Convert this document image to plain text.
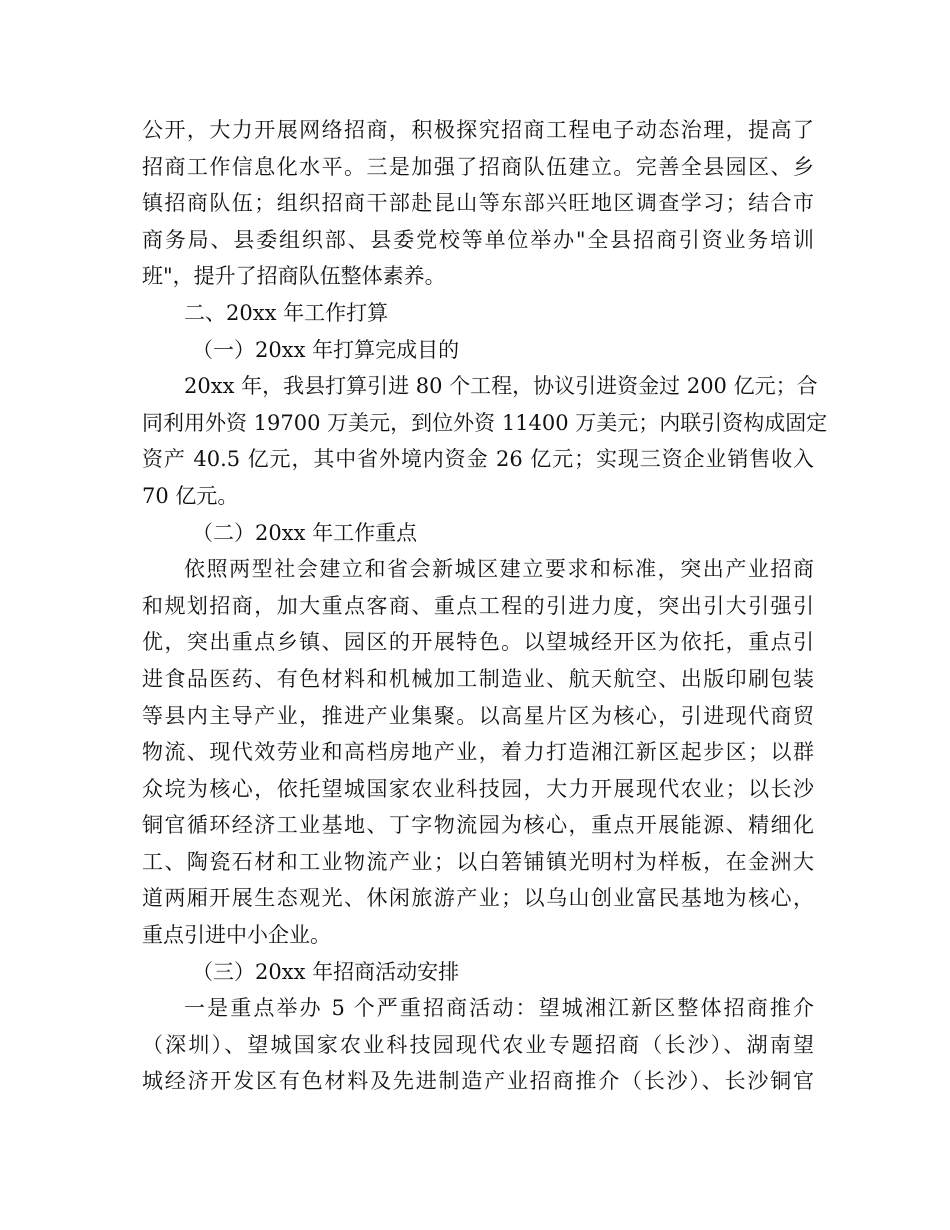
公开，大力开展网络招商，积极探究招商工程电子动态治理，提高了
招商工作信息化水平。三是加强了招商队伍建立。完善全县园区、乡
镇招商队伍；组织招商干部赴昆山等东部兴旺地区调查学习；结合市
商务局、县委组织部、县委党校等单位举办"全县招商引资业务培训
班"，提升了招商队伍整体素养。
二、20xx 年工作打算
（一）20xx 年打算完成目的
20xx 年，我县打算引进 80 个工程，协议引进资金过 200 亿元；合
同利用外资 19700 万美元，到位外资 11400 万美元；内联引资构成固定
资产 40.5 亿元，其中省外境内资金 26 亿元；实现三资企业销售收入
70 亿元。
（二）20xx 年工作重点
依照两型社会建立和省会新城区建立要求和标准，突出产业招商
和规划招商，加大重点客商、重点工程的引进力度，突出引大引强引
优，突出重点乡镇、园区的开展特色。以望城经开区为依托，重点引
进食品医药、有色材料和机械加工制造业、航天航空、出版印刷包装
等县内主导产业，推进产业集聚。以高星片区为核心，引进现代商贸
物流、现代效劳业和高档房地产业，着力打造湘江新区起步区；以群
众垸为核心，依托望城国家农业科技园，大力开展现代农业；以长沙
铜官循环经济工业基地、丁字物流园为核心，重点开展能源、精细化
工、陶瓷石材和工业物流产业；以白箬铺镇光明村为样板，在金洲大
道两厢开展生态观光、休闲旅游产业；以乌山创业富民基地为核心，
重点引进中小企业。
（三）20xx 年招商活动安排
一是重点举办 5 个严重招商活动：望城湘江新区整体招商推介
（深圳）、望城国家农业科技园现代农业专题招商（长沙）、湖南望
城经济开发区有色材料及先进制造产业招商推介（长沙）、长沙铜官
